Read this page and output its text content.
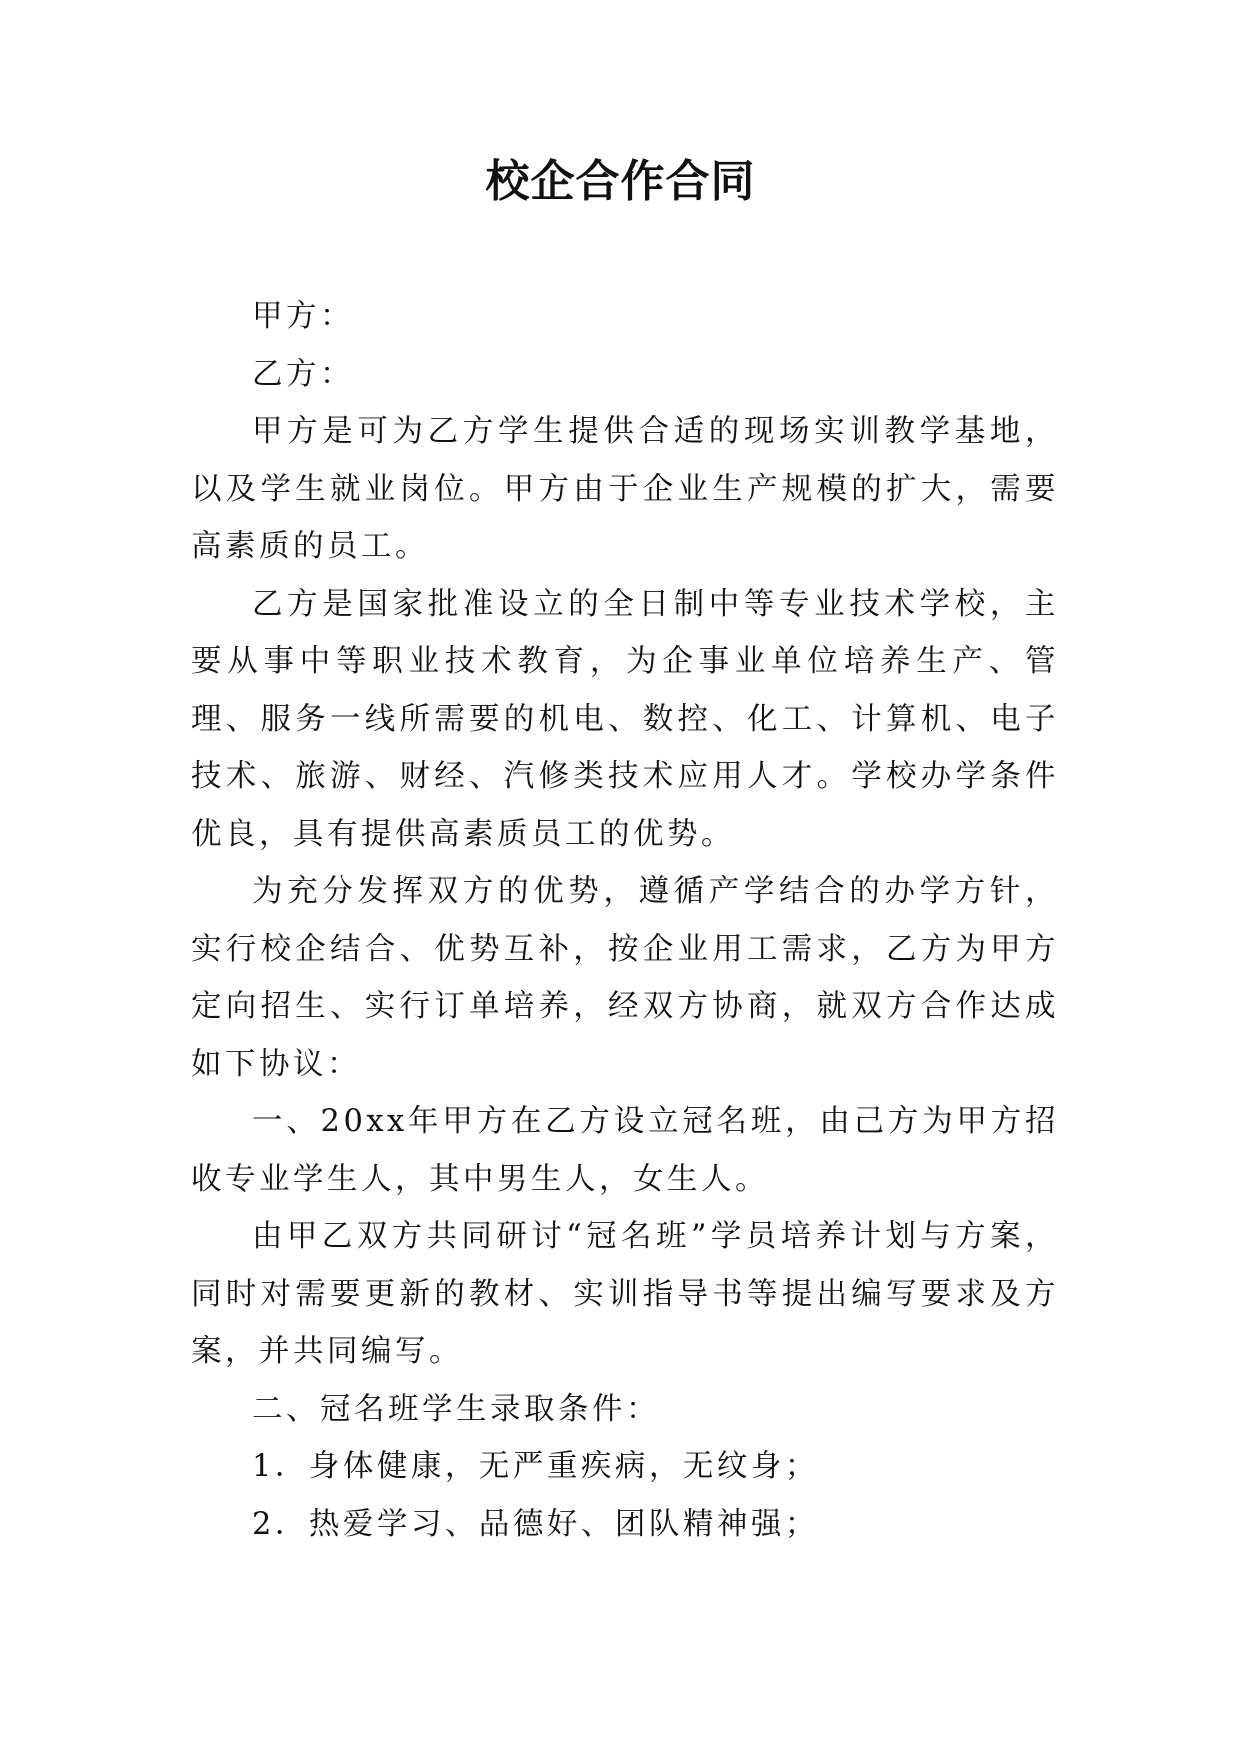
校企合作合同

甲方：

乙方：

甲方是可为乙方学生提供合适的现场实训教学基地，以及学生就业岗位。甲方由于企业生产规模的扩大，需要高素质的员工。

乙方是国家批准设立的全日制中等专业技术学校，主要从事中等职业技术教育，为企事业单位培养生产、管理、服务一线所需要的机电、数控、化工、计算机、电子技术、旅游、财经、汽修类技术应用人才。学校办学条件优良，具有提供高素质员工的优势。

为充分发挥双方的优势，遵循产学结合的办学方针，实行校企结合、优势互补，按企业用工需求，乙方为甲方定向招生、实行订单培养，经双方协商，就双方合作达成如下协议：

一、20xx年甲方在乙方设立冠名班，由己方为甲方招收专业学生人，其中男生人，女生人。

由甲乙双方共同研讨“冠名班”学员培养计划与方案，同时对需要更新的教材、实训指导书等提出编写要求及方案，并共同编写。

二、冠名班学生录取条件：

1．身体健康，无严重疾病，无纹身；

2．热爱学习、品德好、团队精神强；
